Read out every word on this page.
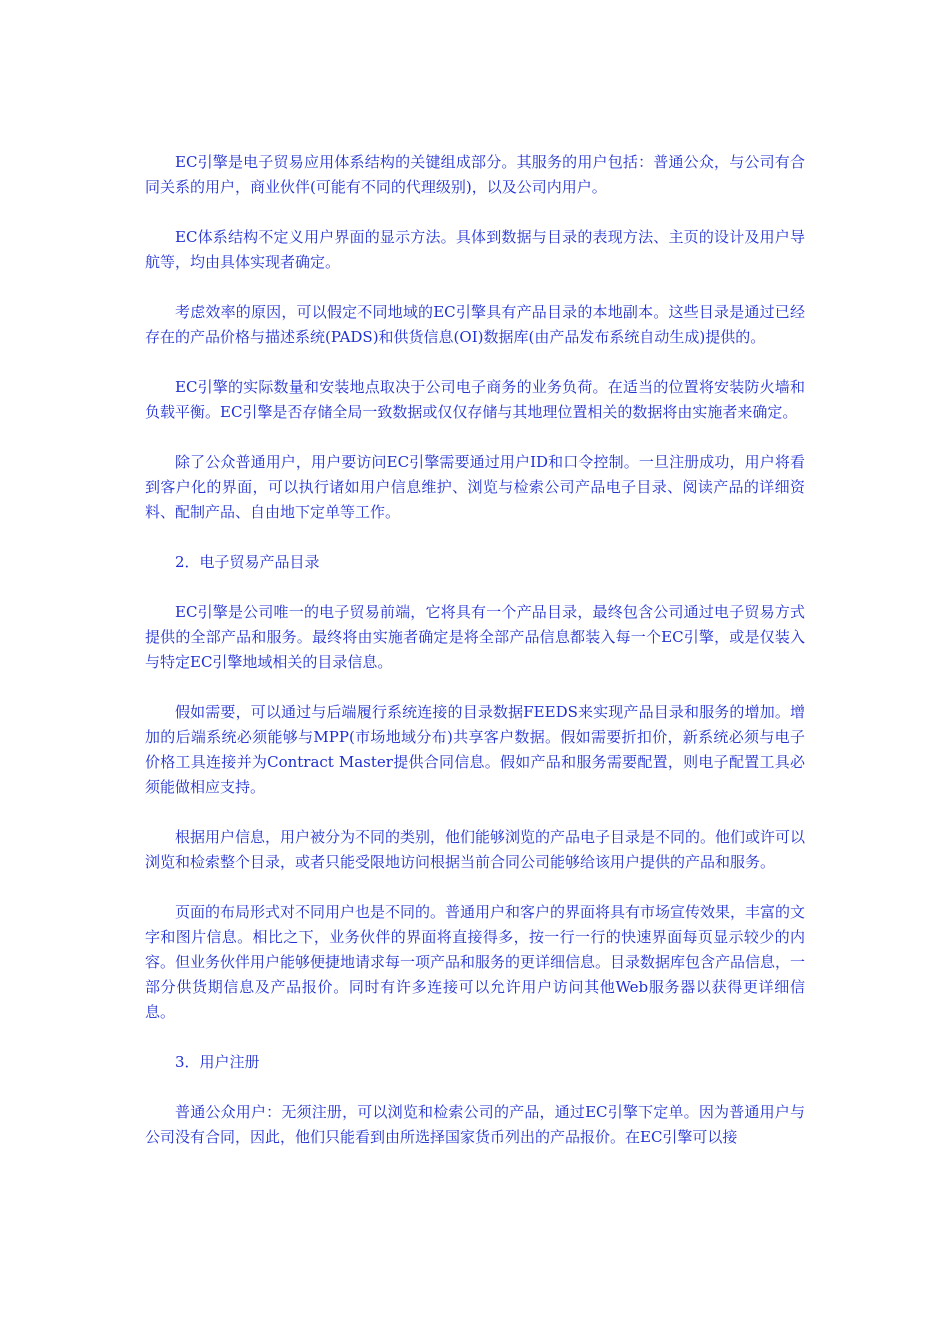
EC引擎是电子贸易应用体系结构的关键组成部分。其服务的用户包括：普通公众，与公司有合同关系的用户，商业伙伴(可能有不同的代理级别)，以及公司内用户。

EC体系结构不定义用户界面的显示方法。具体到数据与目录的表现方法、主页的设计及用户导航等，均由具体实现者确定。

考虑效率的原因，可以假定不同地域的EC引擎具有产品目录的本地副本。这些目录是通过已经存在的产品价格与描述系统(PADS)和供货信息(OI)数据库(由产品发布系统自动生成)提供的。

EC引擎的实际数量和安装地点取决于公司电子商务的业务负荷。在适当的位置将安装防火墙和负载平衡。EC引擎是否存储全局一致数据或仅仅存储与其地理位置相关的数据将由实施者来确定。

除了公众普通用户，用户要访问EC引擎需要通过用户ID和口令控制。一旦注册成功，用户将看到客户化的界面，可以执行诸如用户信息维护、浏览与检索公司产品电子目录、阅读产品的详细资料、配制产品、自由地下定单等工作。

2．电子贸易产品目录

EC引擎是公司唯一的电子贸易前端，它将具有一个产品目录，最终包含公司通过电子贸易方式提供的全部产品和服务。最终将由实施者确定是将全部产品信息都装入每一个EC引擎，或是仅装入与特定EC引擎地域相关的目录信息。

假如需要，可以通过与后端履行系统连接的目录数据FEEDS来实现产品目录和服务的增加。增加的后端系统必须能够与MPP(市场地域分布)共享客户数据。假如需要折扣价，新系统必须与电子价格工具连接并为Contract Master提供合同信息。假如产品和服务需要配置，则电子配置工具必须能做相应支持。

根据用户信息，用户被分为不同的类别，他们能够浏览的产品电子目录是不同的。他们或许可以浏览和检索整个目录，或者只能受限地访问根据当前合同公司能够给该用户提供的产品和服务。

页面的布局形式对不同用户也是不同的。普通用户和客户的界面将具有市场宣传效果，丰富的文字和图片信息。相比之下，业务伙伴的界面将直接得多，按一行一行的快速界面每页显示较少的内容。但业务伙伴用户能够便捷地请求每一项产品和服务的更详细信息。目录数据库包含产品信息，一部分供货期信息及产品报价。同时有许多连接可以允许用户访问其他Web服务器以获得更详细信息。

3．用户注册

普通公众用户：无须注册，可以浏览和检索公司的产品，通过EC引擎下定单。因为普通用户与公司没有合同，因此，他们只能看到由所选择国家货币列出的产品报价。在EC引擎可以接
